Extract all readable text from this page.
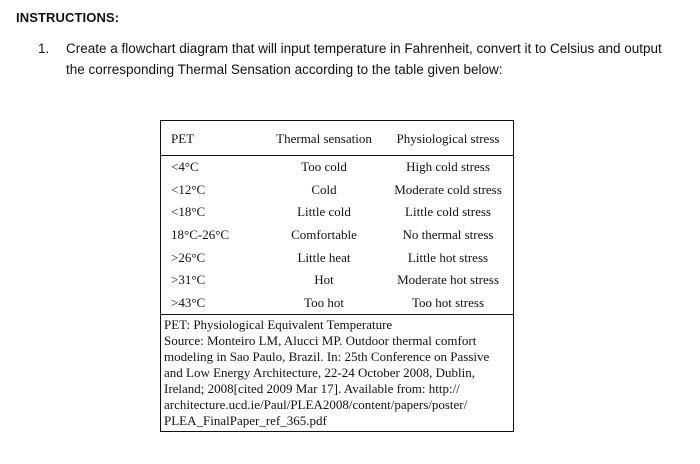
INSTRUCTIONS:
1. Create a flowchart diagram that will input temperature in Fahrenheit, convert it to Celsius and output the corresponding Thermal Sensation according to the table given below:
PET	Thermal sensation	Physiological stress
<4°C	Too cold	High cold stress
<12°C	Cold	Moderate cold stress
<18°C	Little cold	Little cold stress
18°C-26°C	Comfortable	No thermal stress
>26°C	Little heat	Little hot stress
>31°C	Hot	Moderate hot stress
>43°C	Too hot	Too hot stress
PET: Physiological Equivalent Temperature
Source: Monteiro LM, Alucci MP. Outdoor thermal comfort
modeling in Sao Paulo, Brazil. In: 25th Conference on Passive
and Low Energy Architecture, 22-24 October 2008, Dublin,
Ireland; 2008[cited 2009 Mar 17]. Available from: http://
architecture.ucd.ie/Paul/PLEA2008/content/papers/poster/
PLEA_FinalPaper_ref_365.pdf
